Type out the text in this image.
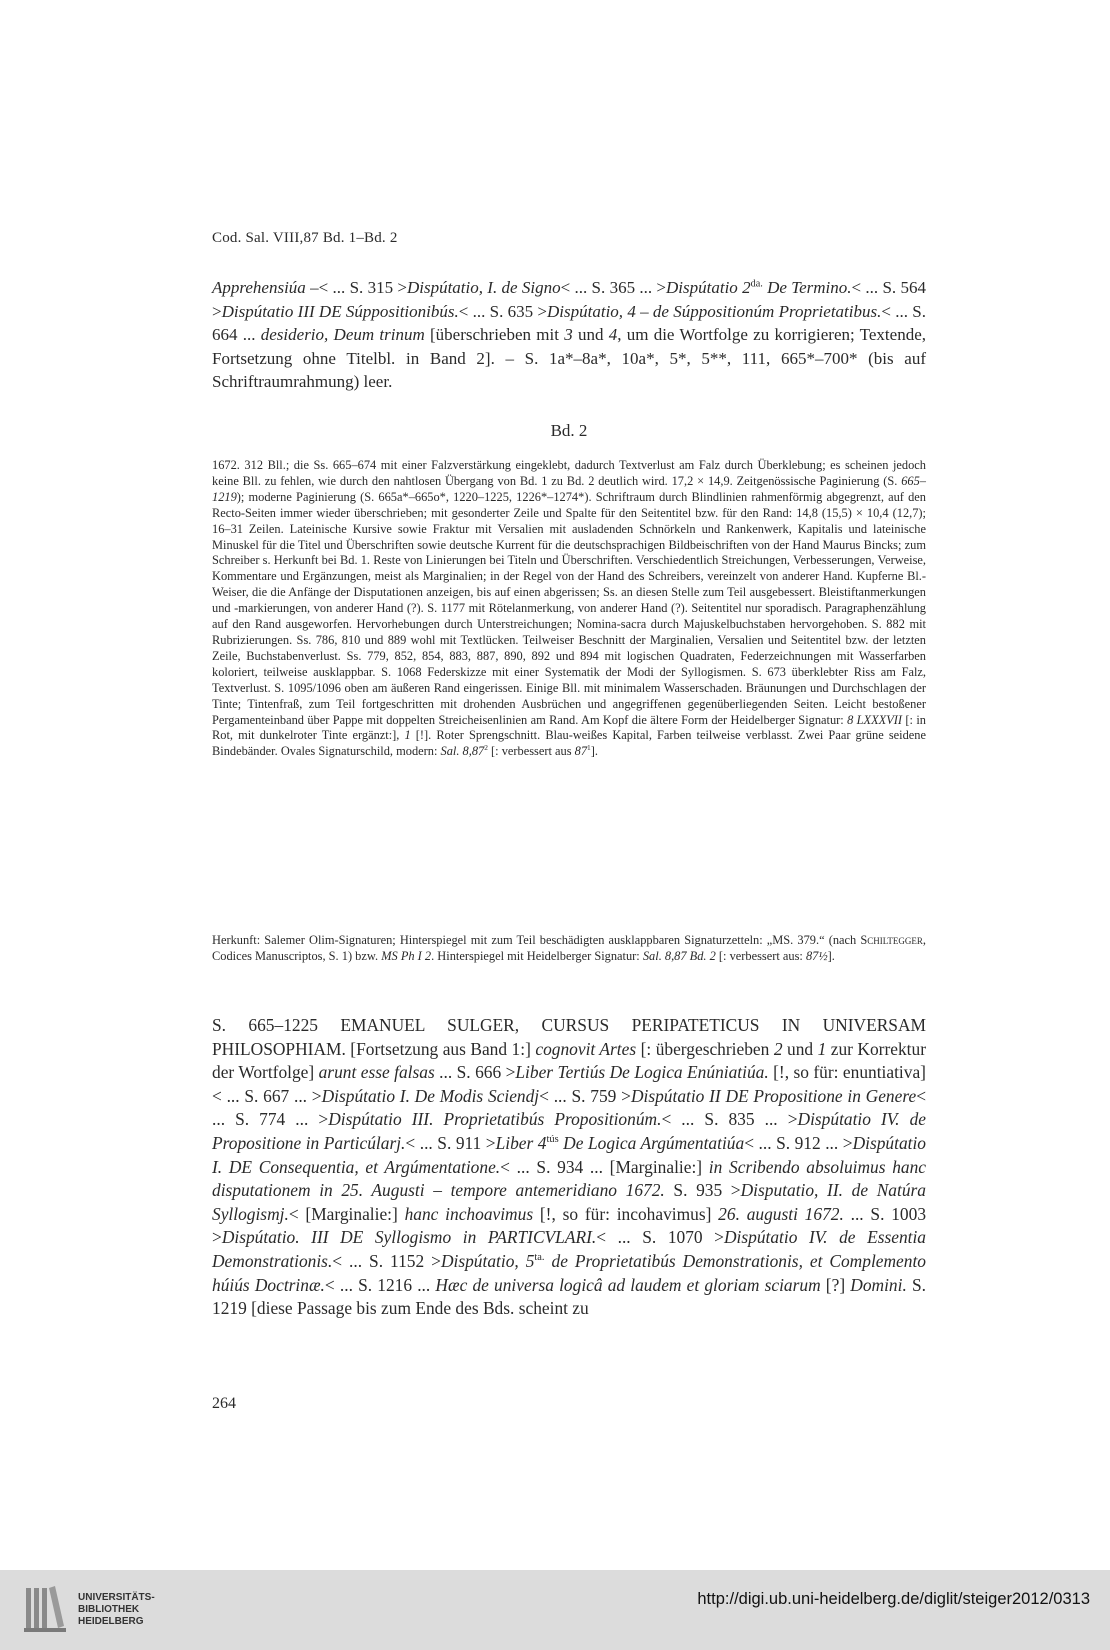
Cod. Sal. VIII,87 Bd. 1–Bd. 2
Apprehensiúa –< ... S. 315 >Dispútatio, I. de Signo< ... S. 365 ... >Dispútatio $2^{da.}$ De Termino.< ... S. 564 >Dispútatio III DE Súppositionibús.< ... S. 635 >Dispútatio, 4 – de Súppositionúm Proprietatibus.< ... S. 664 ... desiderio, Deum trinum [überschrieben mit 3 und 4, um die Wortfolge zu korrigieren; Textende, Fortsetzung ohne Titelbl. in Band 2]. – S. 1a*–8a*, 10a*, 5*, 5**, 111, 665*–700* (bis auf Schriftraumrahmung) leer.
Bd. 2
1672. 312 Bll.; die Ss. 665–674 mit einer Falzverstärkung eingeklebt, dadurch Textverlust am Falz durch Überklebung; es scheinen jedoch keine Bll. zu fehlen, wie durch den nahtlosen Übergang von Bd. 1 zu Bd. 2 deutlich wird. 17,2 × 14,9. Zeitgenössische Paginierung (S. 665–1219); moderne Paginierung (S. 665a*–665o*, 1220–1225, 1226*–1274*). Schriftraum durch Blindlinien rahmenförmig abgegrenzt, auf den Recto-Seiten immer wieder überschrieben; mit gesonderter Zeile und Spalte für den Seitentitel bzw. für den Rand: 14,8 (15,5) × 10,4 (12,7); 16–31 Zeilen. Lateinische Kursive sowie Fraktur mit Versalien mit ausladenden Schnörkeln und Rankenwerk, Kapitalis und lateinische Minuskel für die Titel und Überschriften sowie deutsche Kurrent für die deutschsprachigen Bildbeischriften von der Hand Maurus Bincks; zum Schreiber s. Herkunft bei Bd. 1. Reste von Linierungen bei Titeln und Überschriften. Verschiedentlich Streichungen, Verbesserungen, Verweise, Kommentare und Ergänzungen, meist als Marginalien; in der Regel von der Hand des Schreibers, vereinzelt von anderer Hand. Kupferne Bl.-Weiser, die die Anfänge der Disputationen anzeigen, bis auf einen abgerissen; Ss. an diesen Stelle zum Teil ausgebessert. Bleistiftanmerkungen und -markierungen, von anderer Hand (?). S. 1177 mit Rötelanmerkung, von anderer Hand (?). Seitentitel nur sporadisch. Paragraphenzählung auf den Rand ausgeworfen. Hervorhebungen durch Unterstreichungen; Nomina-sacra durch Majuskelbuchstaben hervorgehoben. S. 882 mit Rubrizierungen. Ss. 786, 810 und 889 wohl mit Textlücken. Teilweiser Beschnitt der Marginalien, Versalien und Seitentitel bzw. der letzten Zeile, Buchstabenverlust. Ss. 779, 852, 854, 883, 887, 890, 892 und 894 mit logischen Quadraten, Federzeichnungen mit Wasserfarben koloriert, teilweise ausklappbar. S. 1068 Federskizze mit einer Systematik der Modi der Syllogismen. S. 673 überklebter Riss am Falz, Textverlust. S. 1095/1096 oben am äußeren Rand eingerissen. Einige Bll. mit minimalem Wasserschaden. Bräunungen und Durchschlagen der Tinte; Tintenfraß, zum Teil fortgeschritten mit drohenden Ausbrüchen und angegriffenen gegenüberliegenden Seiten. Leicht bestoßener Pergamenteinband über Pappe mit doppelten Streicheisenlinien am Rand. Am Kopf die ältere Form der Heidelberger Signatur: 8 LXXXVII [: in Rot, mit dunkelroter Tinte ergänzt:], 1 [!]. Roter Sprengschnitt. Blau-weißes Kapital, Farben teilweise verblasst. Zwei Paar grüne seidene Bindebänder. Ovales Signaturschild, modern: Sal. 8,87$^2$ [: verbessert aus $87^1$].
Herkunft: Salemer Olim-Signaturen; Hinterspiegel mit zum Teil beschädigten ausklappbaren Signaturzetteln: „MS. 379.“ (nach Schiltegger, Codices Manuscriptos, S. 1) bzw. MS Ph I 2. Hinterspiegel mit Heidelberger Signatur: Sal. 8,87 Bd. 2 [: verbessert aus: 87½].
S. 665–1225 EMANUEL SULGER, CURSUS PERIPATETICUS IN UNIVERSAM PHILOSOPHIAM. [Fortsetzung aus Band 1:] cognovit Artes [: übergeschrieben 2 und 1 zur Korrektur der Wortfolge] arunt esse falsas ... S. 666 >Liber Tertiús De Logica Enúniatiúa. [!, so für: enuntiativa]< ... S. 667 ... >Dispútatio I. De Modis Sciendj< ... S. 759 >Dispútatio II DE Propositione in Genere< ... S. 774 ... >Dispútatio III. Proprietatibús Propositionúm.< ... S. 835 ... >Dispútatio IV. de Propositione in Particúlarj.< ... S. 911 >Liber $4^{tús}$ De Logica Argúmentatiúa< ... S. 912 ... >Dispútatio I. DE Consequentia, et Argúmentatione.< ... S. 934 ... [Marginalie:] in Scribendo absoluimus hanc disputationem in 25. Augusti – tempore antemeridiano 1672. S. 935 >Disputatio, II. de Natúra Syllogismj.< [Marginalie:] hanc inchoavimus [!, so für: incohavimus] 26. augusti 1672. ... S. 1003 >Dispútatio. III DE Syllogismo in PARTICVLARI.< ... S. 1070 >Dispútatio IV. de Essentia Demonstrationis.< ... S. 1152 >Dispútatio, $5^{ta.}$ de Proprietatibús Demonstrationis, et Complemento húiús Doctrinæ.< ... S. 1216 ... Hæc de universa logicâ ad laudem et gloriam sciarum [?] Domini. S. 1219 [diese Passage bis zum Ende des Bds. scheint zu
264
UNIVERSITÄTS-
BIBLIOTHEK
HEIDELBERG
http://digi.ub.uni-heidelberg.de/diglit/steiger2012/0313
